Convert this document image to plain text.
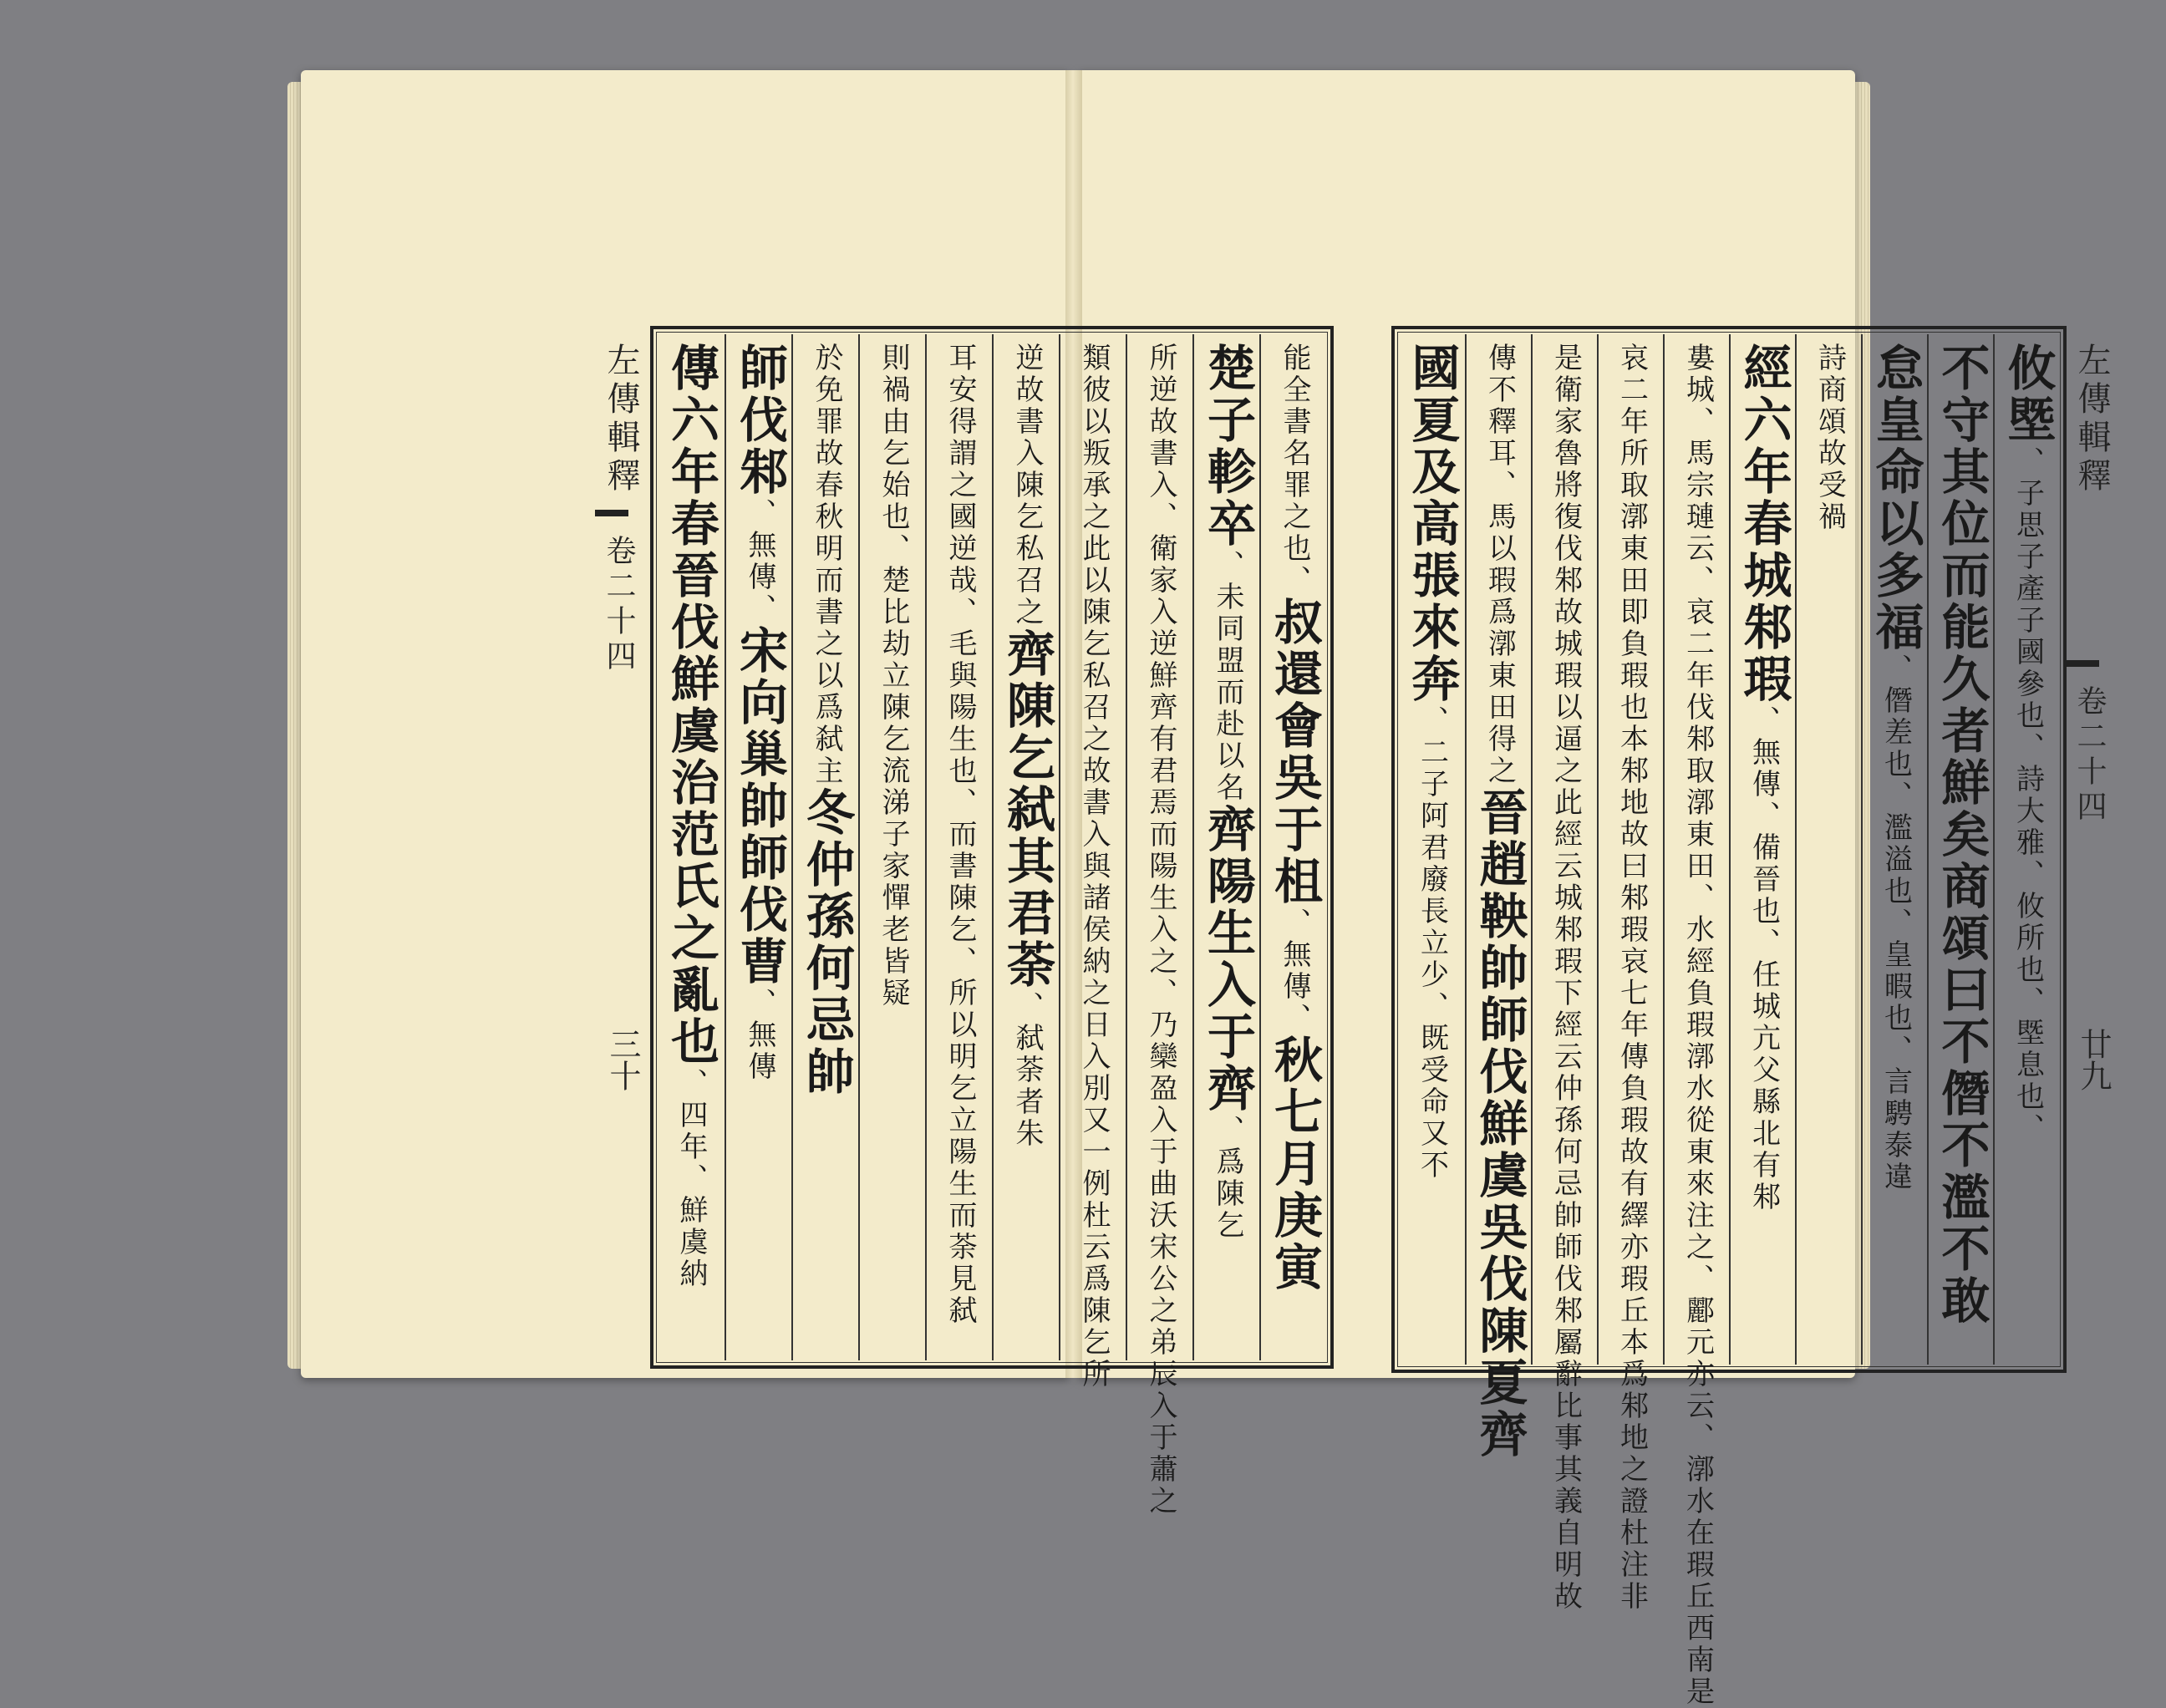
能全書名罪之也、
叔還會吳于柤
、無傳、
秋七月庚寅
楚子軫卒
、未同盟而赴以名
齊陽生入于齊
、爲陳乞
所逆故書入、衛家入逆鮮齊有君焉而陽生入之、乃欒盈入于曲沃宋公之弟辰入于蕭之
類彼以叛承之此以陳乞私召之故書入與諸侯納之日入別又一例杜云爲陳乞所
逆故書入陳乞私召之
齊陳乞弑其君荼
、弑荼者朱
耳安得謂之國逆哉、毛與陽生也、而書陳乞、所以明乞立陽生而荼見弑
則禍由乞始也、楚比劫立陳乞流涕子家憚老皆疑
於免罪故春秋明而書之以爲弑主
冬仲孫何忌帥
師伐邾
、無傳、
宋向巢帥師伐曹
、無傳
傳六年春晉伐鮮虞治范氏之亂也
、四年、鮮虞納
左傳輯釋
卷二十四
三十
攸塈
、子思子產子國參也、詩大雅、攸所也、塈息也、
不守其位而能久者鮮矣商頌曰不僭不濫不敢
怠皇命以多福
、僭差也、濫溢也、皇暇也、言騁泰違
詩商頌故受禍
經六年春城邾瑕
、無傳、備晉也、任城亢父縣北有邾
婁城、馬宗璉云、哀二年伐邾取漷東田、水經負瑕漷水從東來注之、酈元亦云、漷水在瑕丘西南是
哀二年所取漷東田即負瑕也本邾地故曰邾瑕哀七年傳負瑕故有繹亦瑕丘本爲邾地之證杜注非
是衛家魯將復伐邾故城瑕以逼之此經云城邾瑕下經云仲孫何忌帥師伐邾屬辭比事其義自明故
傳不釋耳、馬以瑕爲漷東田得之
晉趙鞅帥師伐鮮虞吳伐陳夏齊
國夏及高張來奔
、二子阿君廢長立少、既受命又不
左傳輯釋
卷二十四
廿九
